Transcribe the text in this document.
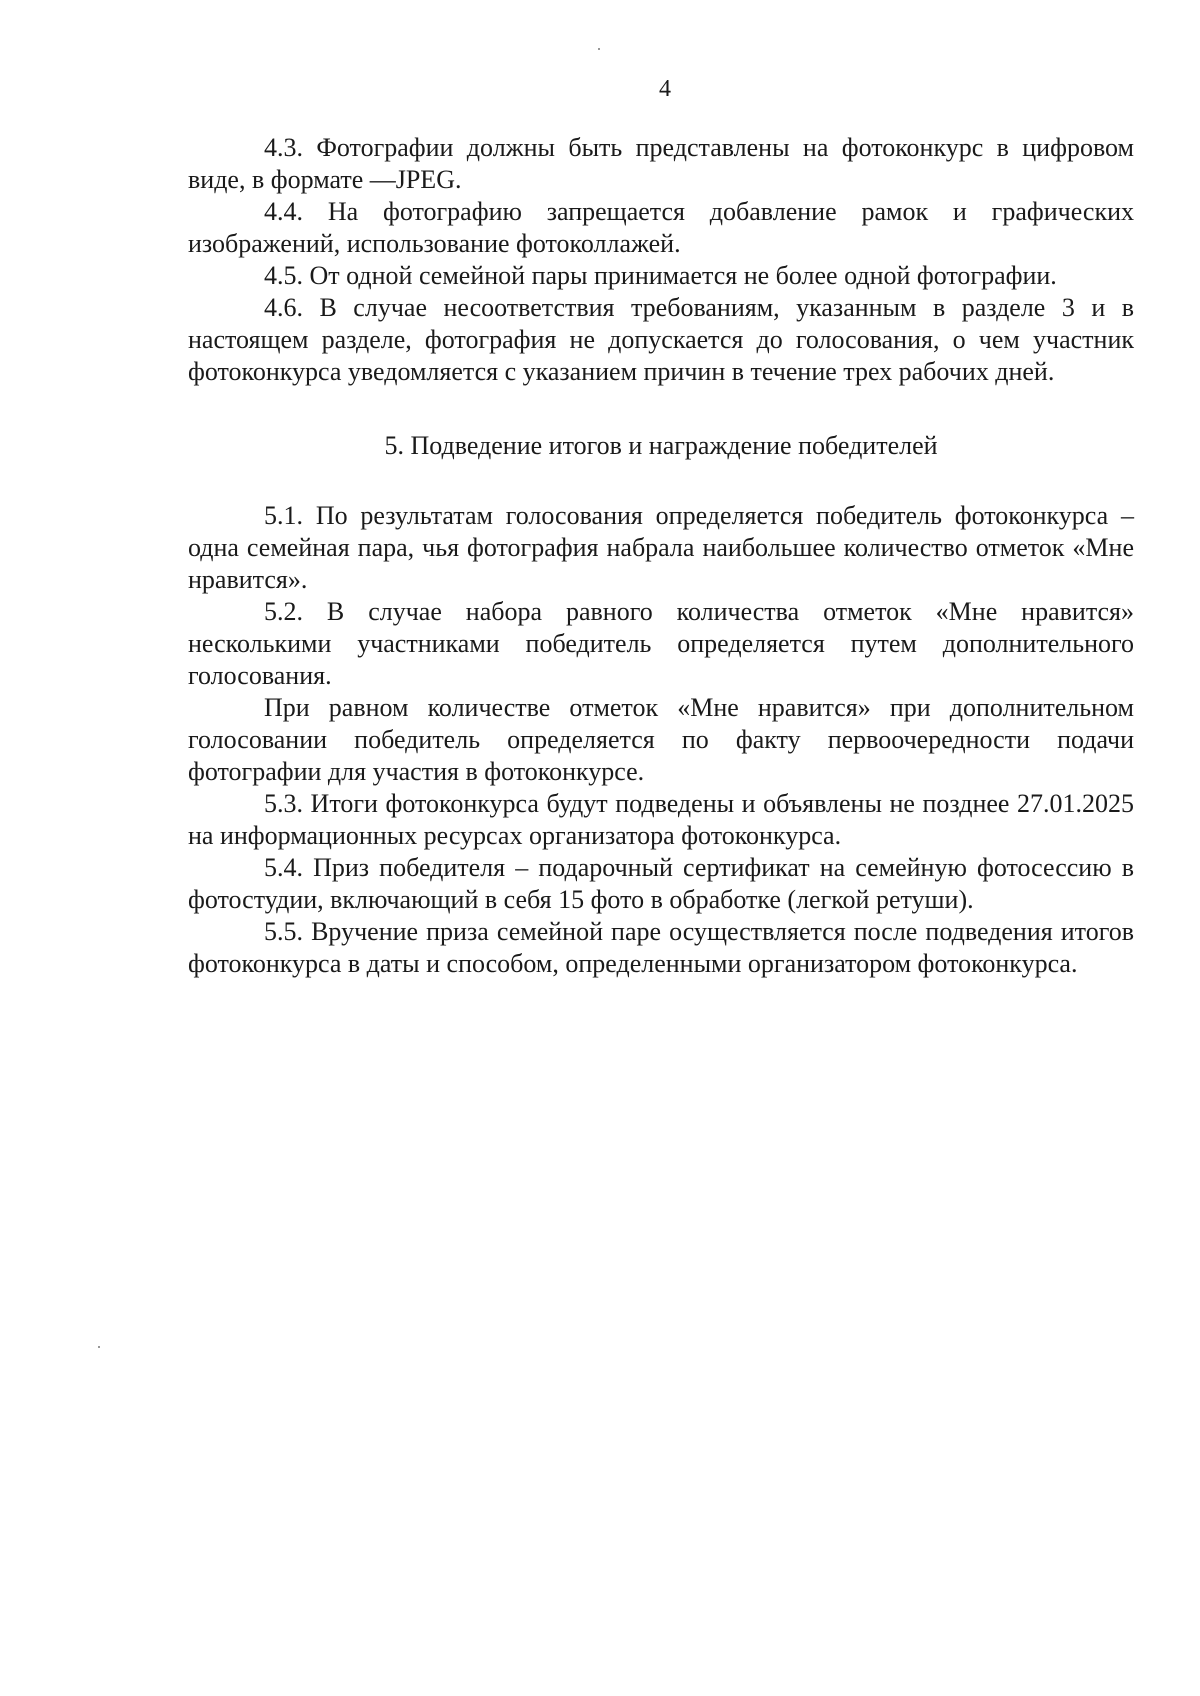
4

4.3. Фотографии должны быть представлены на фотоконкурс в цифровом виде, в формате —JPEG.

4.4. На фотографию запрещается добавление рамок и графических изображений, использование фотоколлажей.

4.5. От одной семейной пары принимается не более одной фотографии.

4.6. В случае несоответствия требованиям, указанным в разделе 3 и в настоящем разделе, фотография не допускается до голосования, о чем участник фотоконкурса уведомляется с указанием причин в течение трех рабочих дней.

5. Подведение итогов и награждение победителей

5.1. По результатам голосования определяется победитель фотоконкурса – одна семейная пара, чья фотография набрала наибольшее количество отметок «Мне нравится».

5.2. В случае набора равного количества отметок «Мне нравится» несколькими участниками победитель определяется путем дополнительного голосования.

При равном количестве отметок «Мне нравится» при дополнительном голосовании победитель определяется по факту первоочередности подачи фотографии для участия в фотоконкурсе.

5.3. Итоги фотоконкурса будут подведены и объявлены не позднее 27.01.2025 на информационных ресурсах организатора фотоконкурса.

5.4. Приз победителя – подарочный сертификат на семейную фотосессию в фотостудии, включающий в себя 15 фото в обработке (легкой ретуши).

5.5. Вручение приза семейной паре осуществляется после подведения итогов фотоконкурса в даты и способом, определенными организатором фотоконкурса.
